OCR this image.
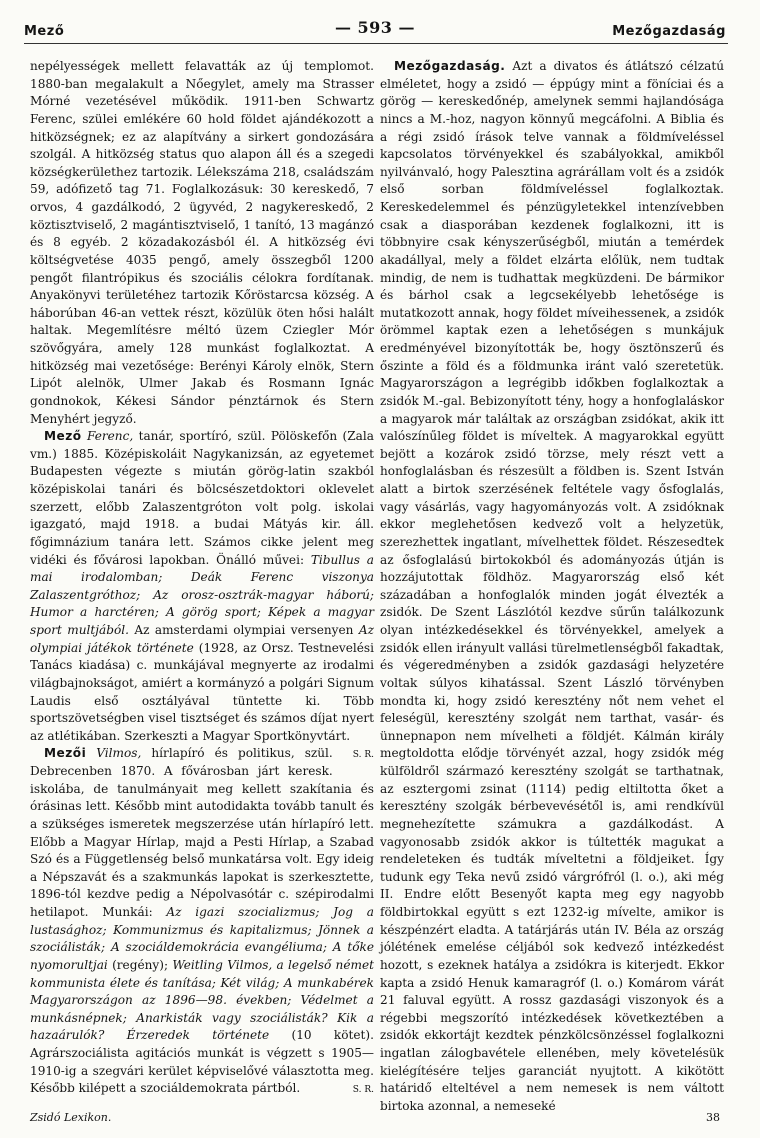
Mező	— 593 —	Mezőgazdaság

nepélyességek mellett felavatták az új templomot. 1880-ban megalakult a Nőegylet, amely ma Strasser Mórné vezetésével működik. 1911-ben Schwartz Ferenc, szülei emlékére 60 hold földet ajándékozott a hitközségnek; ez az alapítvány a sirkert gondozására szolgál. A hitközség status quo alapon áll és a szegedi községkerülethez tartozik. Lélekszáma 218, családszám 59, adófizető tag 71. Foglalkozásuk: 30 kereskedő, 7 orvos, 4 gazdálkodó, 2 ügyvéd, 2 nagykereskedő, 2 köztisztviselő, 2 magántisztviselő, 1 tanító, 13 magánzó és 8 egyéb. 2 közadakozásból él. A hitközség évi költségvetése 4035 pengő, amely összegből 1200 pengőt filantrópikus és szociális célokra fordítanak. Anyakönyvi területéhez tartozik Kőröstarcsa község. A háborúban 46-an vettek részt, közülük öten hősi halált haltak. Megemlítésre méltó üzem Cziegler Mór szövőgyára, amely 128 munkást foglalkoztat. A hitközség mai vezetősége: Berényi Károly elnök, Stern Lipót alelnök, Ulmer Jakab és Rosmann Ignác gondnokok, Kékesi Sándor pénztárnok és Stern Menyhért jegyző.

Mező Ferenc, tanár, sportíró, szül. Pölöskefőn (Zala vm.) 1885. Középiskoláit Nagykanizsán, az egyetemet Budapesten végezte s miután görög-latin szakból középiskolai tanári és bölcsészetdoktori oklevelet szerzett, előbb Zalaszentgróton volt polg. iskolai igazgató, majd 1918. a budai Mátyás kir. áll. főgimnázium tanára lett. Számos cikke jelent meg vidéki és fővárosi lapokban. Önálló művei: Tibullus a mai irodalomban; Deák Ferenc viszonya Zalaszentgróthoz; Az orosz-osztrák-magyar háború; Humor a harctéren; A görög sport; Képek a magyar sport multjából. Az amsterdami olympiai versenyen Az olympiai játékok története (1928, az Orsz. Testnevelési Tanács kiadása) c. munkájával megnyerte az irodalmi világbajnokságot, amiért a kormányzó a polgári Signum Laudis első osztályával tüntette ki. Több sportszövetségben visel tisztséget és számos díjat nyert az atlétikában. Szerkeszti a Magyar Sportkönyvtárt.
S. R.

Mezői Vilmos, hírlapíró és politikus, szül. Debrecenben 1870. A fővárosban járt keresk. iskolába, de tanulmányait meg kellett szakítania és órásinas lett. Később mint autodidakta tovább tanult és a szükséges ismeretek megszerzése után hírlapíró lett. Előbb a Magyar Hírlap, majd a Pesti Hírlap, a Szabad Szó és a Függetlenség belső munkatársa volt. Egy ideig a Népszavát és a szakmunkás lapokat is szerkesztette, 1896-tól kezdve pedig a Népolvasótár c. szépirodalmi hetilapot. Munkái: Az igazi szocializmus; Jog a lustasághoz; Kommunizmus és kapitalizmus; Jönnek a szociálisták; A szociáldemokrácia evangéliuma; A tőke nyomorultjai (regény); Weitling Vilmos, a legelső német kommunista élete és tanítása; Két világ; A munkabérek Magyarországon az 1896—98. években; Védelmet a munkásnépnek; Anarkisták vagy szociálisták? Kik a hazaárulók? Érzeredek története (10 kötet). Agrárszociálista agitációs munkát is végzett s 1905—1910-ig a szegvári kerület képviselővé választotta meg. Később kilépett a szociáldemokrata pártból.	S. R.

Mezőgazdaság. Azt a divatos és átlátszó célzatú elméletet, hogy a zsidó — éppúgy mint a föníciai és a görög — kereskedőnép, amelynek semmi hajlandósága nincs a M.-hoz, nagyon könnyű megcáfolni. A Biblia és a régi zsidó írások telve vannak a földmíveléssel kapcsolatos törvényekkel és szabályokkal, amikből nyilvánvaló, hogy Palesztina agrárállam volt és a zsidók első sorban földmíveléssel foglalkoztak. Kereskedelemmel és pénzügyletekkel intenzívebben csak a diasporában kezdenek foglalkozni, itt is többnyire csak kényszerűségből, miután a temérdek akadállyal, mely a földet elzárta előlük, nem tudtak mindig, de nem is tudhattak megküzdeni. De bármikor és bárhol csak a legcsekélyebb lehetősége is mutatkozott annak, hogy földet míveihessenek, a zsidók örömmel kaptak ezen a lehetőségen s munkájuk eredményével bizonyították be, hogy ösztönszerű és őszinte a föld és a földmunka iránt való szeretetük. Magyarországon a legrégibb időkben foglalkoztak a zsidók M.-gal. Bebizonyított tény, hogy a honfoglaláskor a magyarok már találtak az országban zsidókat, akik itt valószínűleg földet is míveltek. A magyarokkal együtt bejött a kozárok zsidó törzse, mely részt vett a honfoglalásban és részesült a földben is. Szent István alatt a birtok szerzésének feltétele vagy ősfoglalás, vagy vásárlás, vagy hagyományozás volt. A zsidóknak ekkor meglehetősen kedvező volt a helyzetük, szerezhettek ingatlant, mívelhettek földet. Részesedtek az ősfoglalású birtokokból és adományozás útján is hozzájutottak földhöz. Magyarország első két századában a honfoglalók minden jogát élvezték a zsidók. De Szent Lászlótól kezdve sűrűn találkozunk olyan intézkedésekkel és törvényekkel, amelyek a zsidók ellen irányult vallási türelmetlenségből fakadtak, és végeredményben a zsidók gazdasági helyzetére voltak súlyos kihatással. Szent László törvényben mondta ki, hogy zsidó keresztény nőt nem vehet el feleségül, keresztény szolgát nem tarthat, vasár- és ünnepnapon nem mívelheti a földjét. Kálmán király megtoldotta elődje törvényét azzal, hogy zsidók még külföldről származó keresztény szolgát se tarthatnak, az esztergomi zsinat (1114) pedig eltiltotta őket a keresztény szolgák bérbevevésétől is, ami rendkívül megnehezítette számukra a gazdálkodást. A vagyonosabb zsidók akkor is túltették magukat a rendeleteken és tudták míveltetni a földjeiket. Így tudunk egy Teka nevű zsidó várgrófról (l. o.), aki még II. Endre előtt Besenyőt kapta meg egy nagyobb földbirtokkal együtt s ezt 1232-ig mívelte, amikor is készpénzért eladta. A tatárjárás után IV. Béla az ország jólétének emelése céljából sok kedvező intézkedést hozott, s ezeknek hatálya a zsidókra is kiterjedt. Ekkor kapta a zsidó Henuk kamaragróf (l. o.) Komárom várát 21 faluval együtt. A rossz gazdasági viszonyok és a régebbi megszorító intézkedések következtében a zsidók ekkortájt kezdtek pénzkölcsönzéssel foglalkozni ingatlan zálogbavétele ellenében, mely követelésük kielégítésére teljes garanciát nyujtott. A kikötött határidő elteltével a nem nemesek is nem váltott birtoka azonnal, a nemeseké

Zsidó Lexikon.	38
